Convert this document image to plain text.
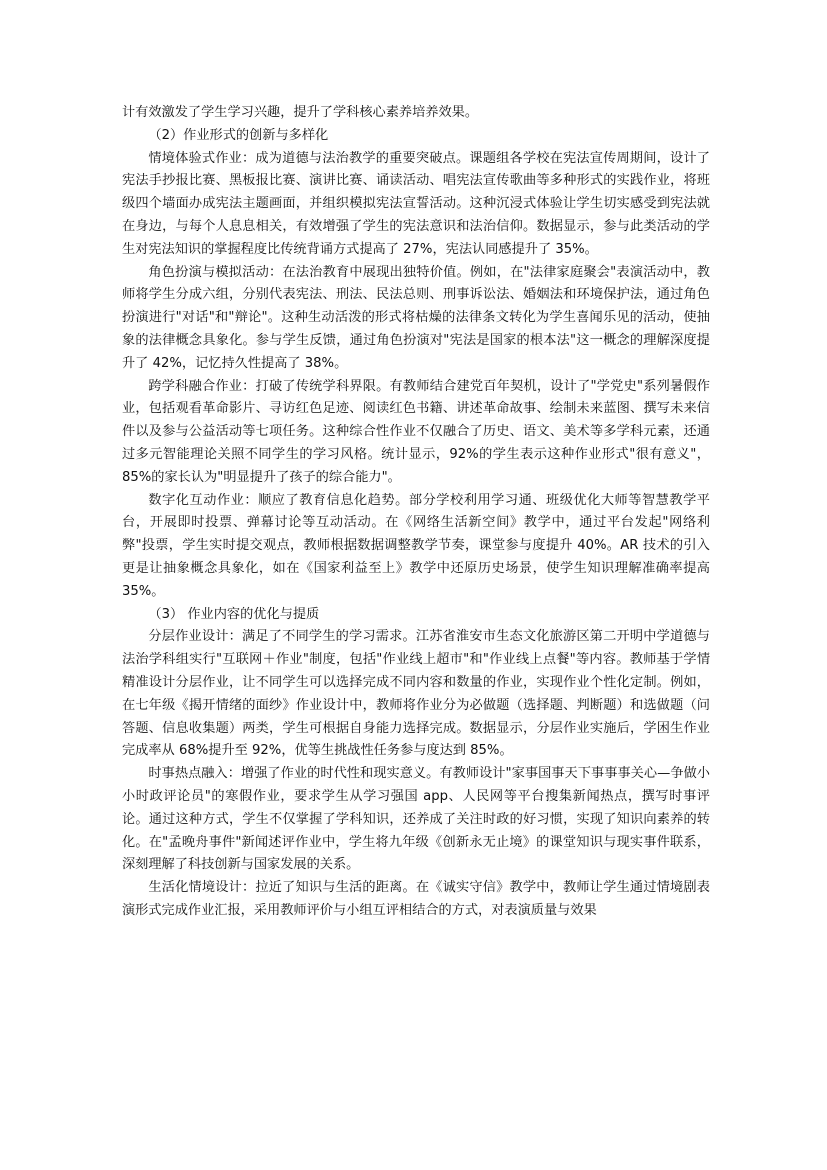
计有效激发了学生学习兴趣，提升了学科核心素养培养效果。

（2）作业形式的创新与多样化

情境体验式作业：成为道德与法治教学的重要突破点。课题组各学校在宪法宣传周期间，设计了宪法手抄报比赛、黑板报比赛、演讲比赛、诵读活动、唱宪法宣传歌曲等多种形式的实践作业，将班级四个墙面办成宪法主题画面，并组织模拟宪法宣誓活动。这种沉浸式体验让学生切实感受到宪法就在身边，与每个人息息相关，有效增强了学生的宪法意识和法治信仰。数据显示，参与此类活动的学生对宪法知识的掌握程度比传统背诵方式提高了 27%，宪法认同感提升了 35%。

角色扮演与模拟活动：在法治教育中展现出独特价值。例如，在"法律家庭聚会"表演活动中，教师将学生分成六组，分别代表宪法、刑法、民法总则、刑事诉讼法、婚姻法和环境保护法，通过角色扮演进行"对话"和"辩论"。这种生动活泼的形式将枯燥的法律条文转化为学生喜闻乐见的活动，使抽象的法律概念具象化。参与学生反馈，通过角色扮演对"宪法是国家的根本法"这一概念的理解深度提升了 42%，记忆持久性提高了 38%。

跨学科融合作业：打破了传统学科界限。有教师结合建党百年契机，设计了"学党史"系列暑假作业，包括观看革命影片、寻访红色足迹、阅读红色书籍、讲述革命故事、绘制未来蓝图、撰写未来信件以及参与公益活动等七项任务。这种综合性作业不仅融合了历史、语文、美术等多学科元素，还通过多元智能理论关照不同学生的学习风格。统计显示，92%的学生表示这种作业形式"很有意义"，85%的家长认为"明显提升了孩子的综合能力"。

数字化互动作业：顺应了教育信息化趋势。部分学校利用学习通、班级优化大师等智慧教学平台，开展即时投票、弹幕讨论等互动活动。在《网络生活新空间》教学中，通过平台发起"网络利弊"投票，学生实时提交观点，教师根据数据调整教学节奏，课堂参与度提升 40%。AR 技术的引入更是让抽象概念具象化，如在《国家利益至上》教学中还原历史场景，使学生知识理解准确率提高 35%。

（3） 作业内容的优化与提质

分层作业设计：满足了不同学生的学习需求。江苏省淮安市生态文化旅游区第二开明中学道德与法治学科组实行"互联网＋作业"制度，包括"作业线上超市"和"作业线上点餐"等内容。教师基于学情精准设计分层作业，让不同学生可以选择完成不同内容和数量的作业，实现作业个性化定制。例如，在七年级《揭开情绪的面纱》作业设计中，教师将作业分为必做题（选择题、判断题）和选做题（问答题、信息收集题）两类，学生可根据自身能力选择完成。数据显示，分层作业实施后，学困生作业完成率从 68%提升至 92%，优等生挑战性任务参与度达到 85%。

时事热点融入：增强了作业的时代性和现实意义。有教师设计"家事国事天下事事事关心—争做小小时政评论员"的寒假作业，要求学生从学习强国 app、人民网等平台搜集新闻热点，撰写时事评论。通过这种方式，学生不仅掌握了学科知识，还养成了关注时政的好习惯，实现了知识向素养的转化。在"孟晚舟事件"新闻述评作业中，学生将九年级《创新永无止境》的课堂知识与现实事件联系，深刻理解了科技创新与国家发展的关系。

生活化情境设计：拉近了知识与生活的距离。在《诚实守信》教学中，教师让学生通过情境剧表演形式完成作业汇报，采用教师评价与小组互评相结合的方式，对表演质量与效果
